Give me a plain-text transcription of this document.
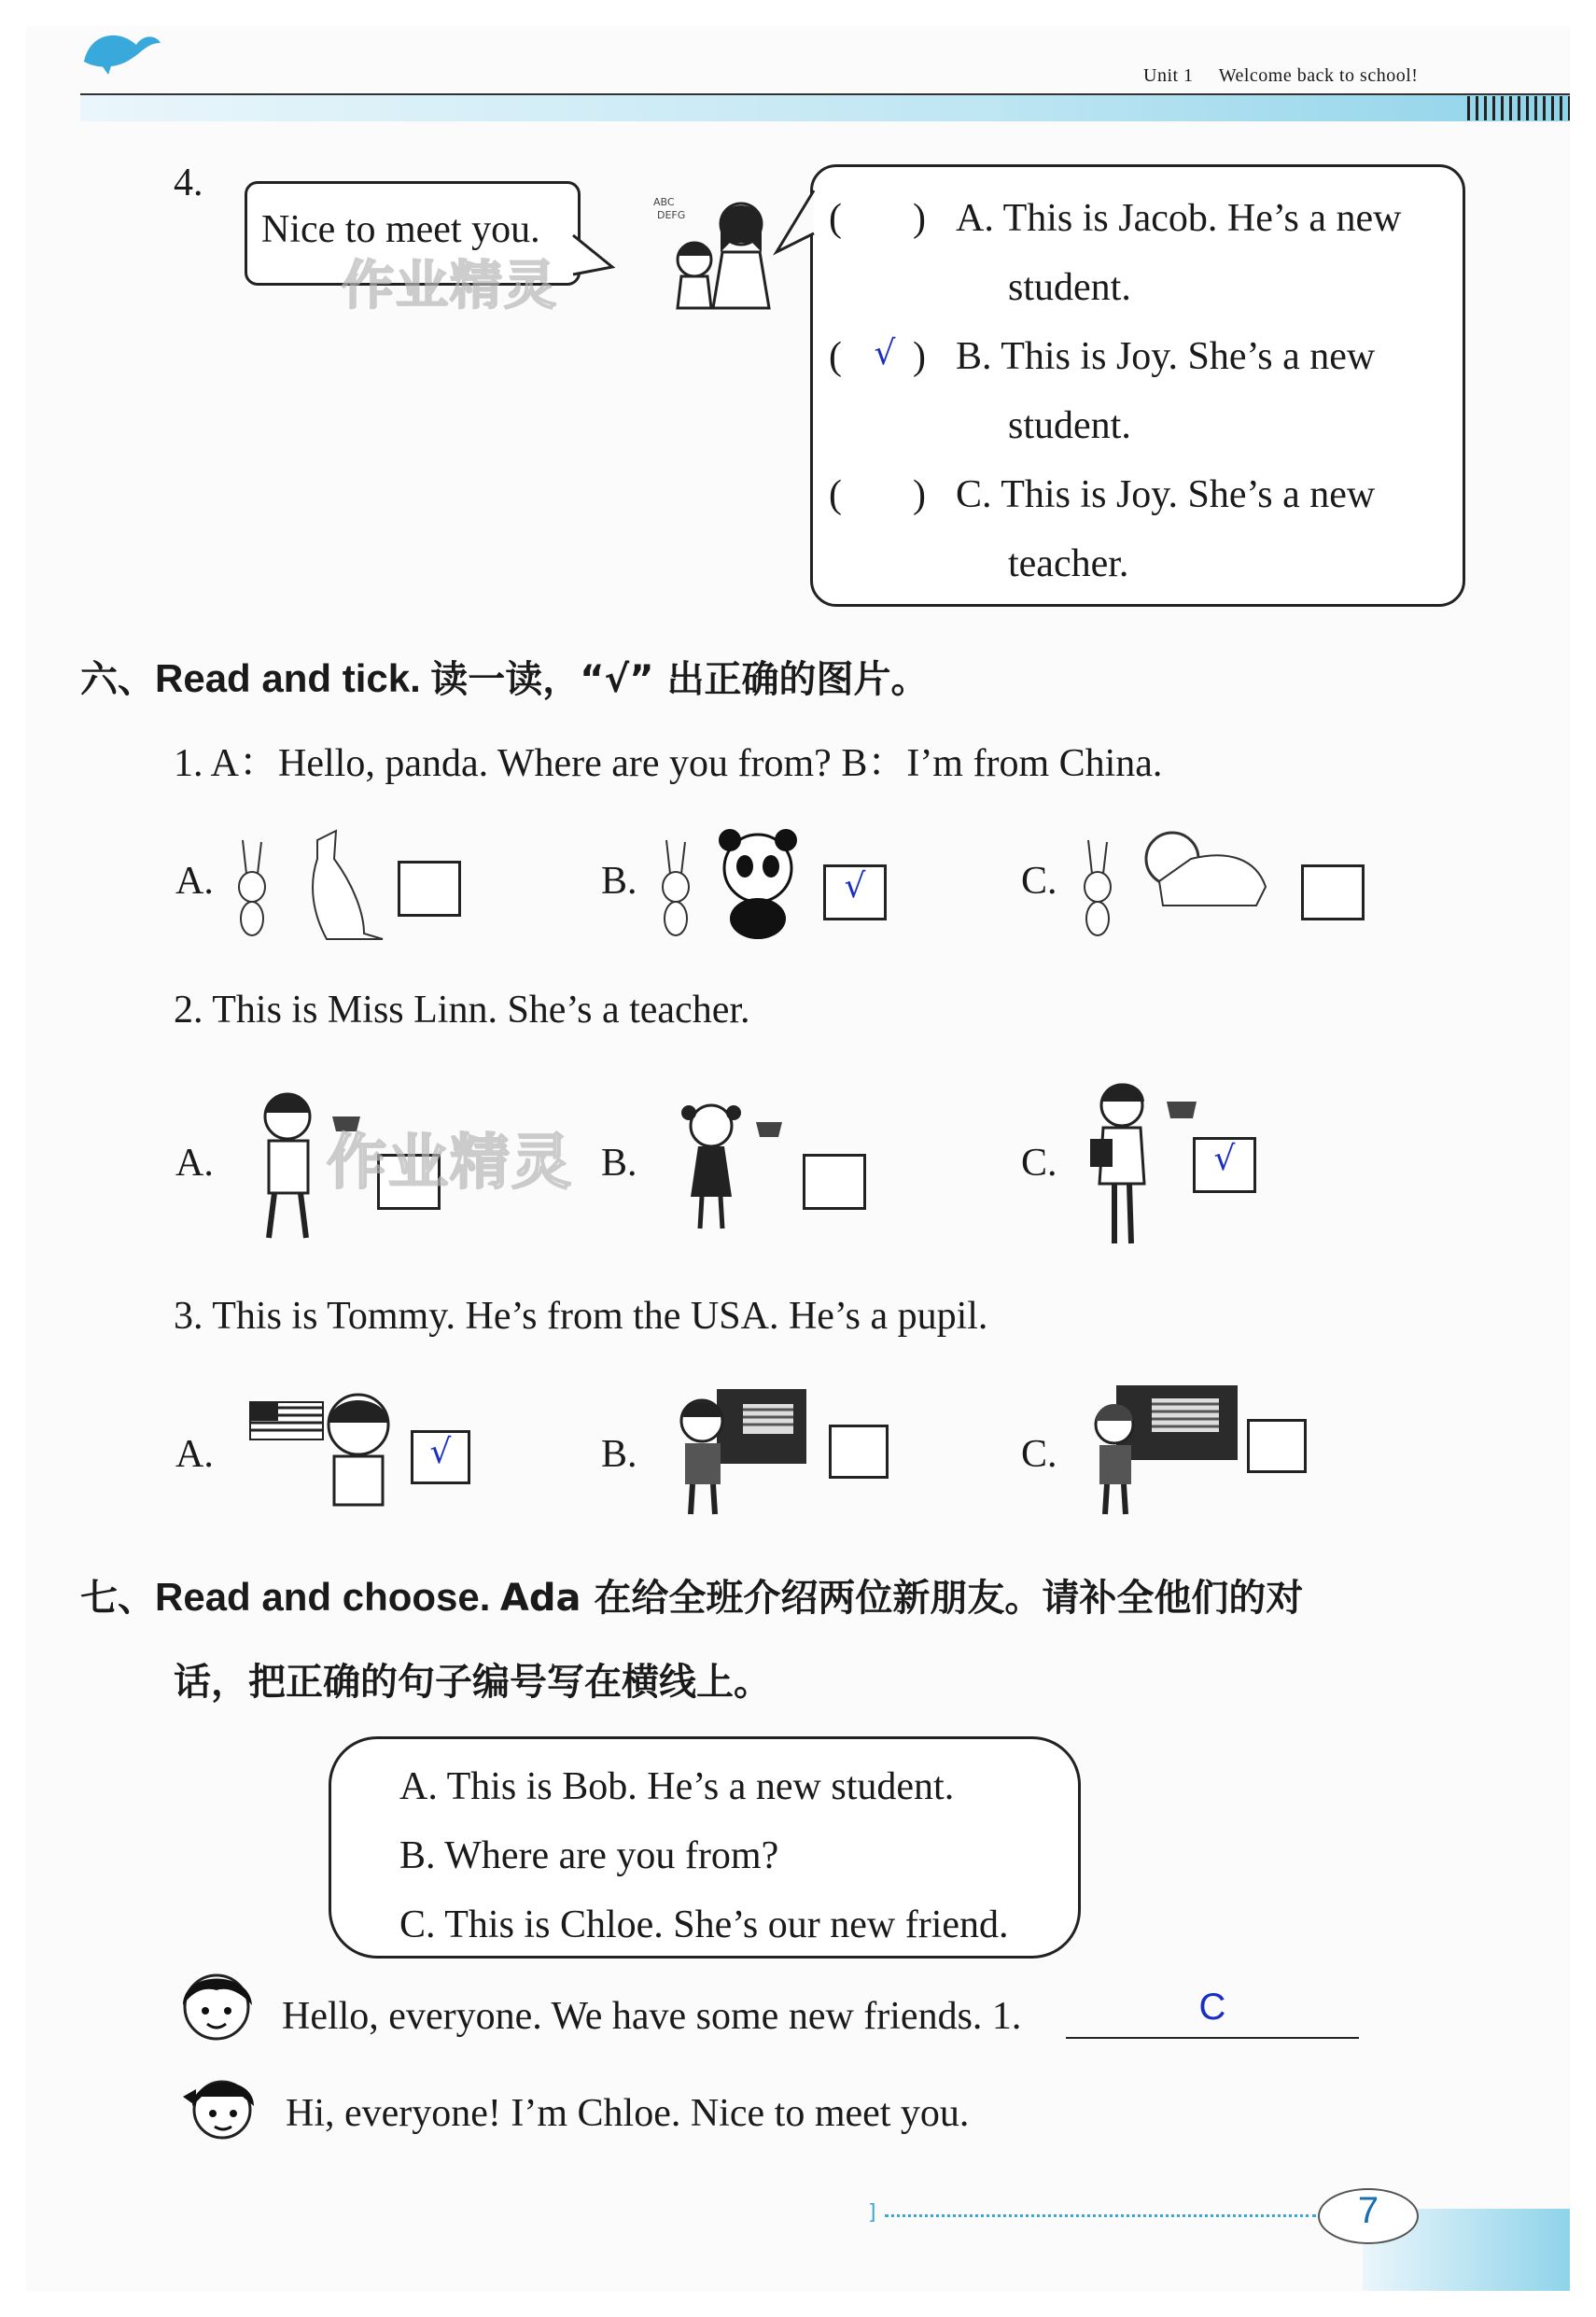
Unit 1 Welcome back to school!
4.
Nice to meet you.
作业精灵
ABC
DEFG	( ) A. This is Jacob. He’s a new
student.
( √ ) B. This is Joy. She’s a new
student.
( ) C. This is Joy. She’s a new
teacher.
六、Read and tick. 读一读，“√” 出正确的图片。
1. A：Hello, panda. Where are you from? B：I’m from China.
A.	B.	√	C.
2. This is Miss Linn. She’s a teacher.
A. 作业精灵 B.	C.	√
3. This is Tommy. He’s from the USA. He’s a pupil.
A.	√	B.	C.
七、Read and choose. Ada 在给全班介绍两位新朋友。请补全他们的对
话，把正确的句子编号写在横线上。
A. This is Bob. He’s a new student.
B. Where are you from?
C. This is Chloe. She’s our new friend.
Hello, everyone. We have some new friends. 1.	C
Hi, everyone! I’m Chloe. Nice to meet you.
]	7
